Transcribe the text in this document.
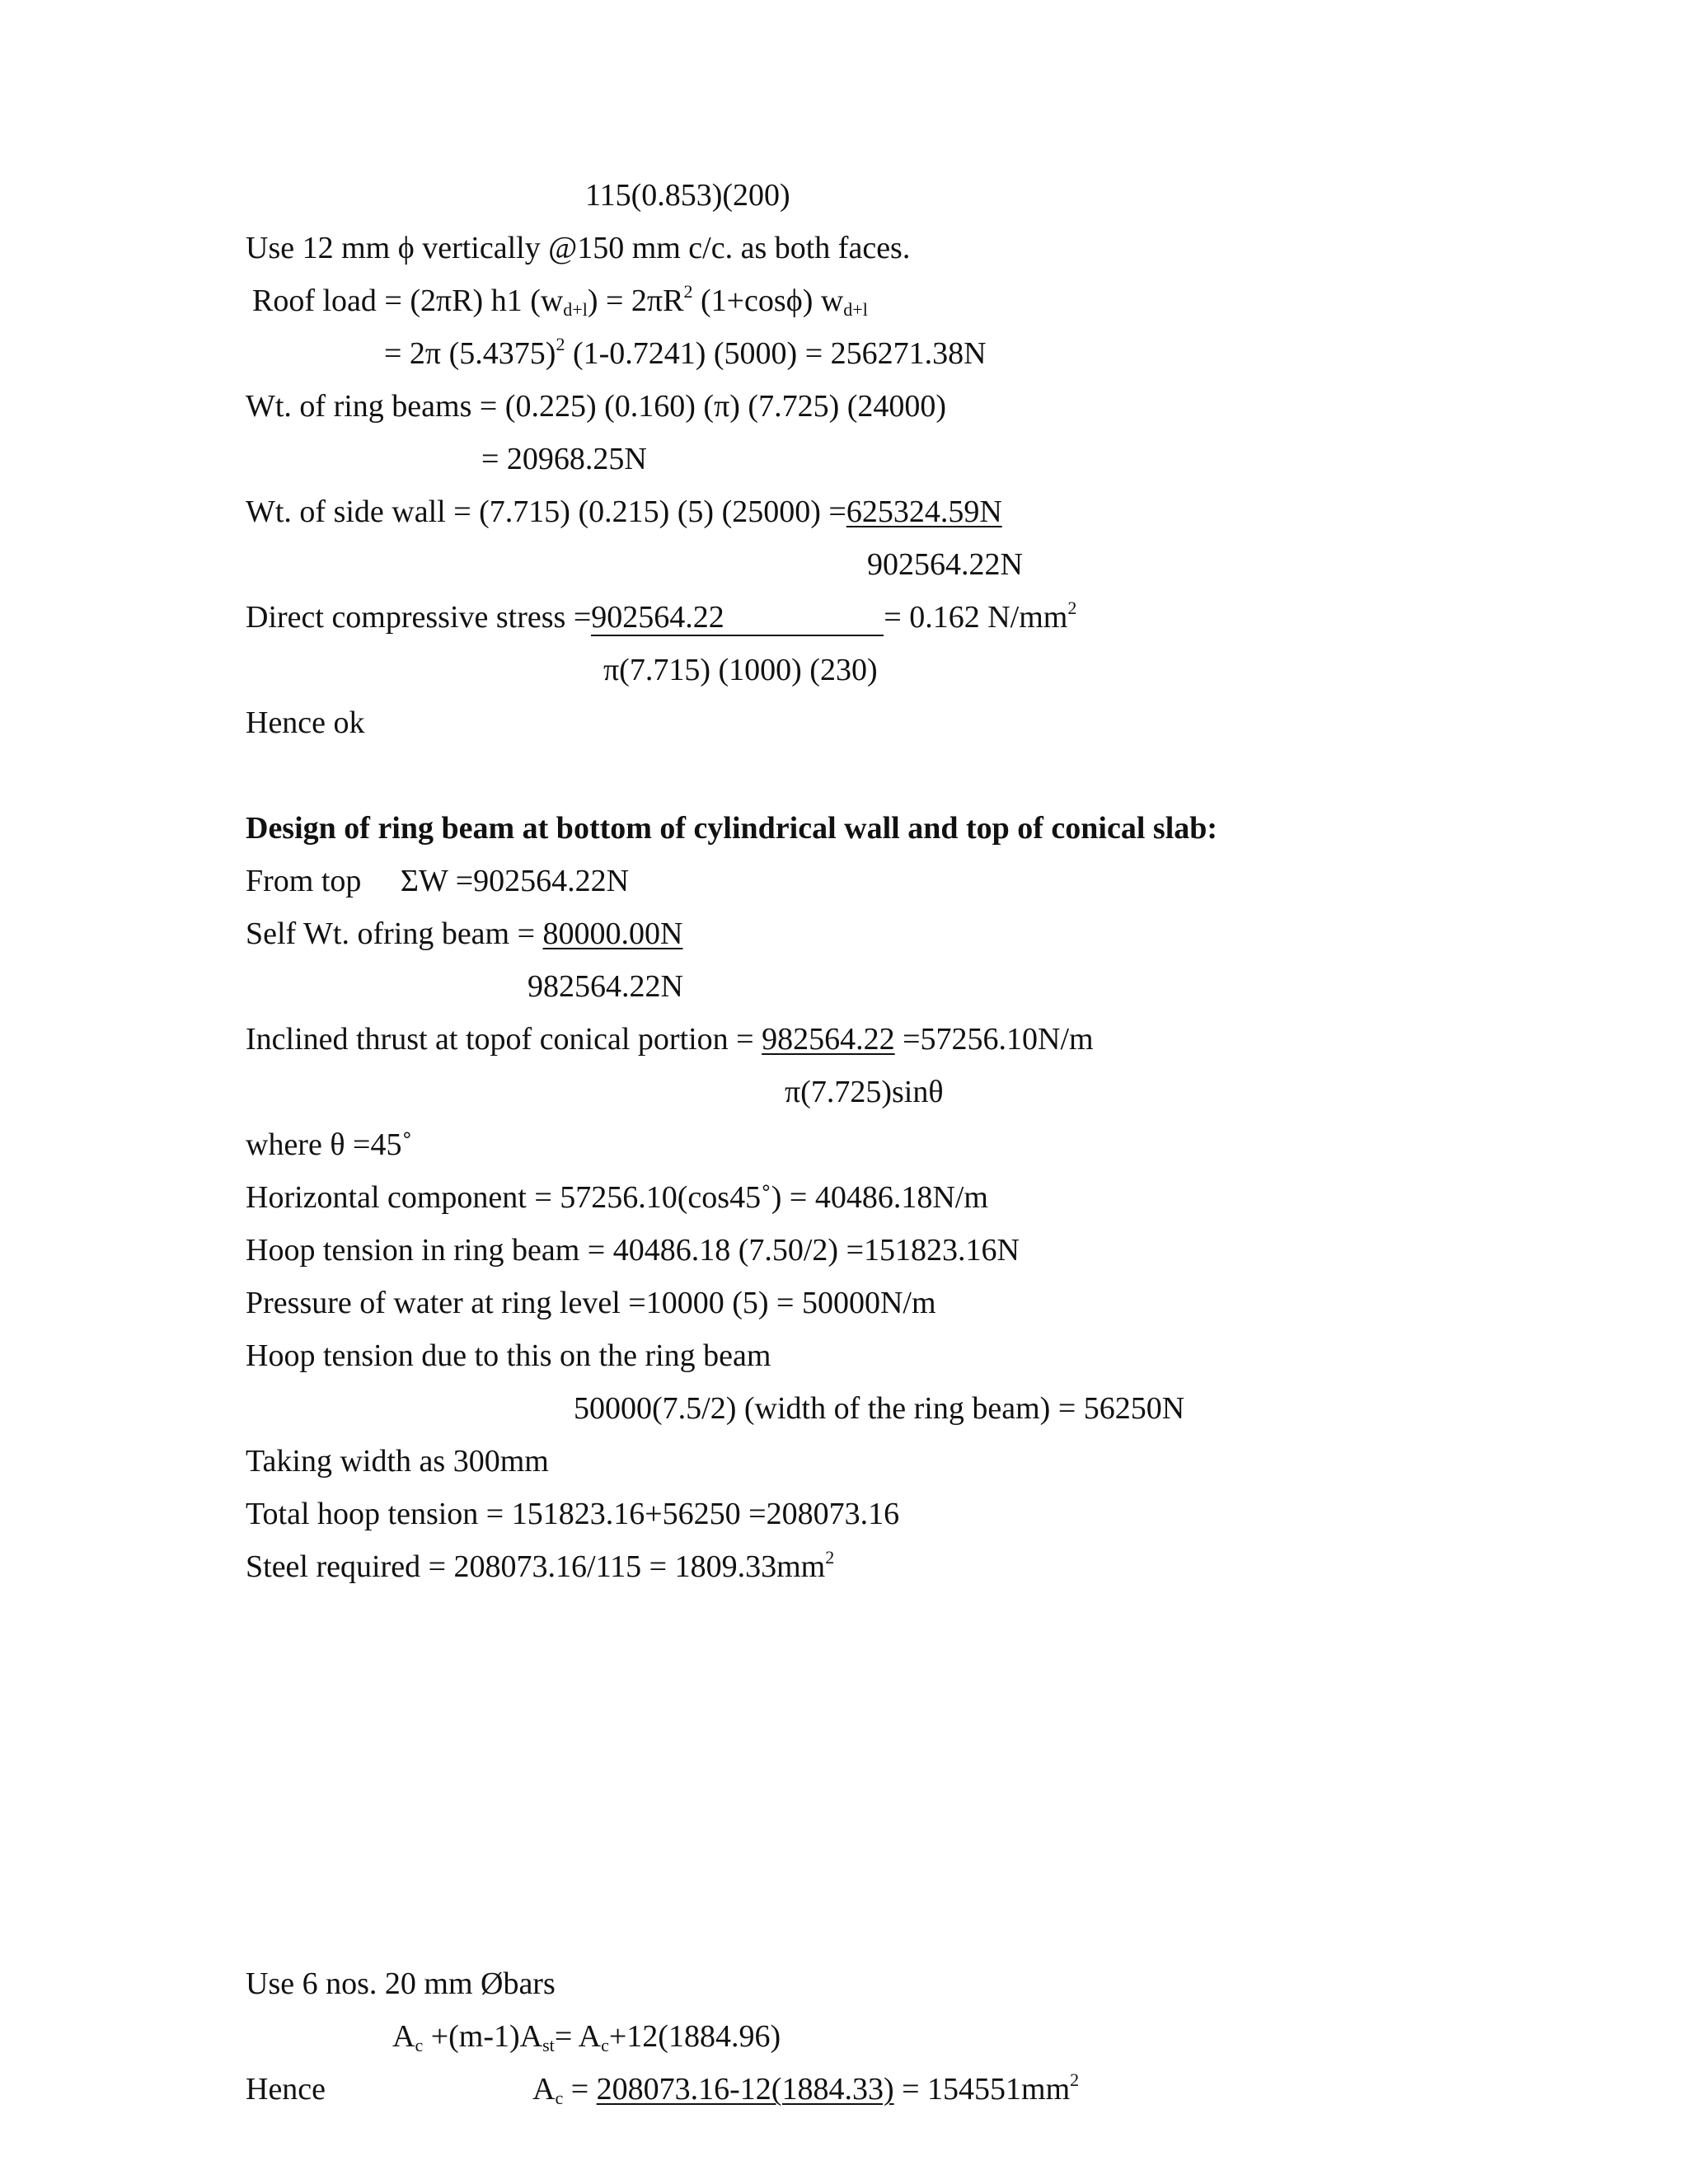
115(0.853)(200)
Use 12 mm ϕ vertically @150 mm c/c. as both faces.
Roof load = (2πR) h1 $(w_{d+l}) = 2\pi R^2$ (1+cosϕ) $w_{d+l}$
= 2π $(5.4375)^2$ (1-0.7241) (5000) = 256271.38N
Wt. of ring beams = (0.225) (0.160) (π) (7.725) (24000)
= 20968.25N
Wt. of side wall = (7.715) (0.215) (5) (25000) =625324.59N
902564.22N
Direct compressive stress =902564.22	= 0.162 $N/mm^2$
π(7.715) (1000) (230)
Hence ok
Design of ring beam at bottom of cylindrical wall and top of conical slab:
From top     ΣW =902564.22N
Self Wt. ofring beam = 80000.00N
982564.22N
Inclined thrust at topof conical portion = 982564.22 =57256.10N/m
π(7.725)sinθ
where θ =45˚
Horizontal component = 57256.10(cos45˚) = 40486.18N/m
Hoop tension in ring beam = 40486.18 (7.50/2) =151823.16N
Pressure of water at ring level =10000 (5) = 50000N/m
Hoop tension due to this on the ring beam
50000(7.5/2) (width of the ring beam) = 56250N
Taking width as 300mm
Total hoop tension = 151823.16+56250 =208073.16
Steel required = $208073.16/115 = 1809.33mm^2$
Use 6 nos. 20 mm Øbars
$A_c +(m-1)A_{st}= A_c+12(1884.96)$
Hence	$A_c = 208073.16-12(1884.33) = 154551mm^2$
